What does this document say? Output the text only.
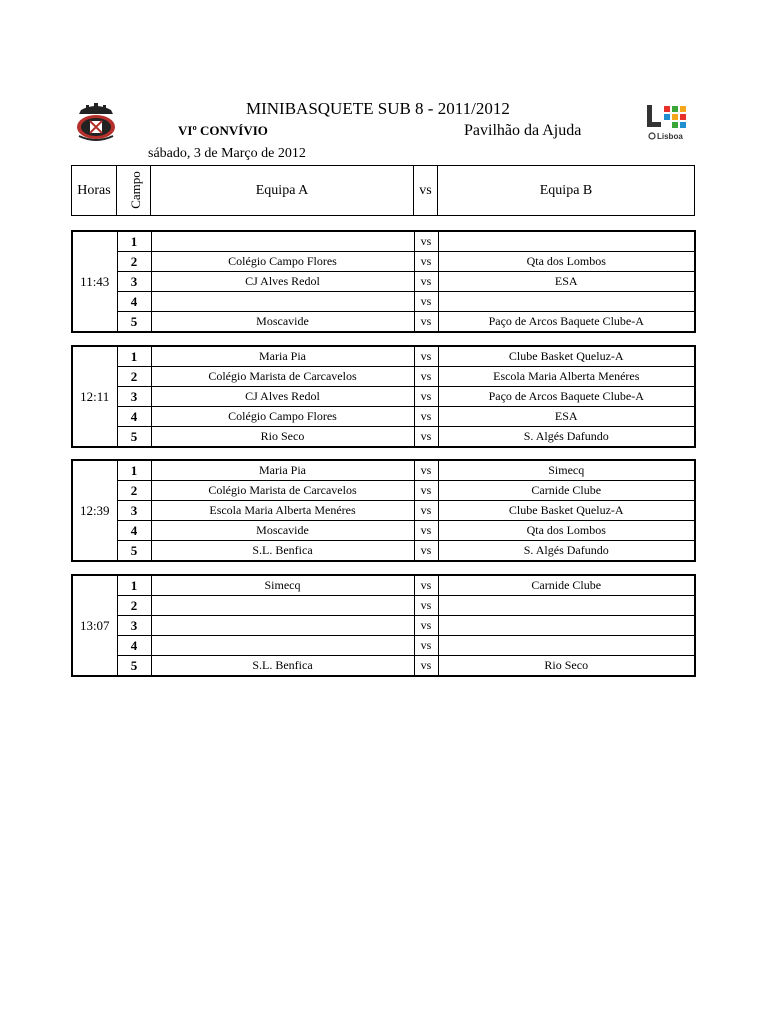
Lisboa
MINIBASQUETE SUB 8 - 2011/2012
VIº CONVÍVIO	Pavilhão da Ajuda
sábado, 3 de Março de 2012
Horas	Campo	Equipa A	vs	Equipa B
11:43	1		vs	
	2	Colégio Campo Flores	vs	Qta dos Lombos
	3	CJ Alves Redol	vs	ESA
	4		vs	
	5	Moscavide	vs	Paço de Arcos Baquete Clube-A
12:11	1	Maria Pia	vs	Clube Basket Queluz-A
	2	Colégio Marista de Carcavelos	vs	Escola Maria Alberta Menéres
	3	CJ Alves Redol	vs	Paço de Arcos Baquete Clube-A
	4	Colégio Campo Flores	vs	ESA
	5	Rio Seco	vs	S. Algés Dafundo
12:39	1	Maria Pia	vs	Simecq
	2	Colégio Marista de Carcavelos	vs	Carnide Clube
	3	Escola Maria Alberta Menéres	vs	Clube Basket Queluz-A
	4	Moscavide	vs	Qta dos Lombos
	5	S.L. Benfica	vs	S. Algés Dafundo
13:07	1	Simecq	vs	Carnide Clube
	2		vs	
	3		vs	
	4		vs	
	5	S.L. Benfica	vs	Rio Seco
